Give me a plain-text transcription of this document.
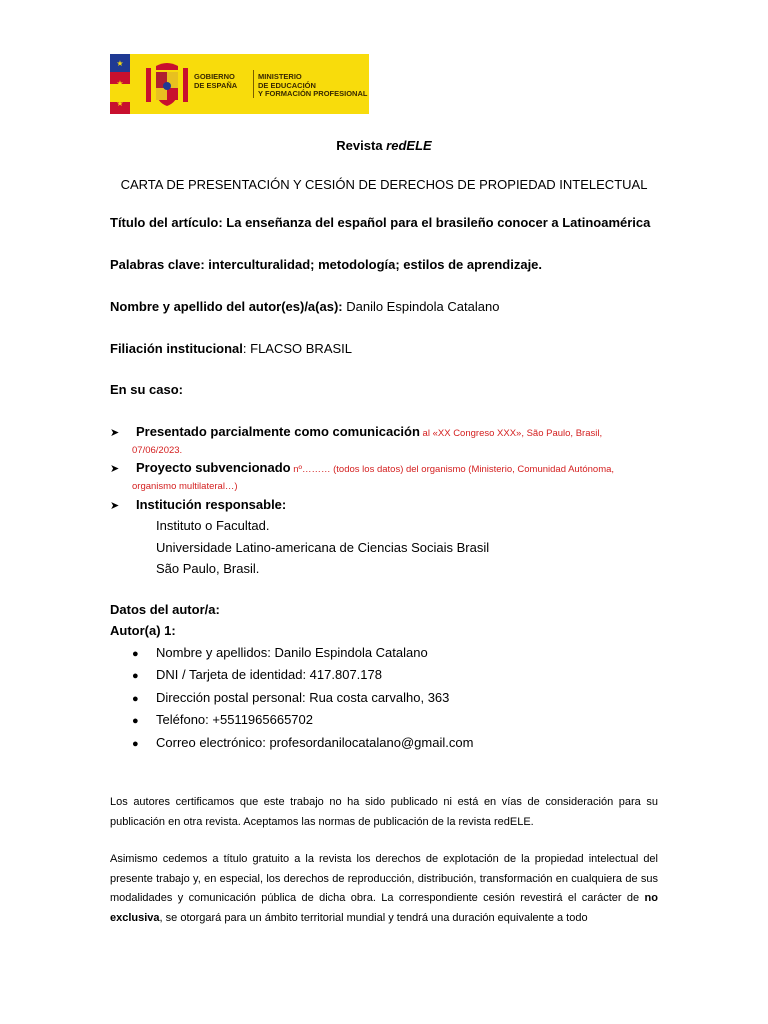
★
★
★
GOBIERNO
DE ESPAÑA
MINISTERIO
DE EDUCACIÓN
Y FORMACIÓN PROFESIONAL
Revista redELE
CARTA DE PRESENTACIÓN Y CESIÓN DE DERECHOS DE PROPIEDAD INTELECTUAL
Título del artículo: La enseñanza del español para el brasileño conocer a Latinoamérica
Palabras clave: interculturalidad; metodología; estilos de aprendizaje.
Nombre y apellido del autor(es)/a(as): Danilo Espindola Catalano
Filiación institucional: FLACSO BRASIL
En su caso:
➤ Presentado parcialmente como comunicación al «XX Congreso XXX», São Paulo, Brasil,
07/06/2023.
➤ Proyecto subvencionado nº……… (todos los datos) del organismo (Ministerio, Comunidad Autónoma,
organismo multilateral…)
➤ Institución responsable:
Instituto o Facultad.
Universidade Latino-americana de Ciencias Sociais Brasil
São Paulo, Brasil.
Datos del autor/a:
Autor(a) 1:
● Nombre y apellidos: Danilo Espindola Catalano
● DNI / Tarjeta de identidad: 417.807.178
● Dirección postal personal: Rua costa carvalho, 363
● Teléfono: +5511965665702
● Correo electrónico: profesordanilocatalano@gmail.com
Los autores certificamos que este trabajo no ha sido publicado ni está en vías de consideración para su publicación en otra revista. Aceptamos las normas de publicación de la revista redELE.
Asimismo cedemos a título gratuito a la revista los derechos de explotación de la propiedad intelectual del presente trabajo y, en especial, los derechos de reproducción, distribución, transformación en cualquiera de sus modalidades y comunicación pública de dicha obra. La correspondiente cesión revestirá el carácter de no exclusiva, se otorgará para un ámbito territorial mundial y tendrá una duración equivalente a todo
